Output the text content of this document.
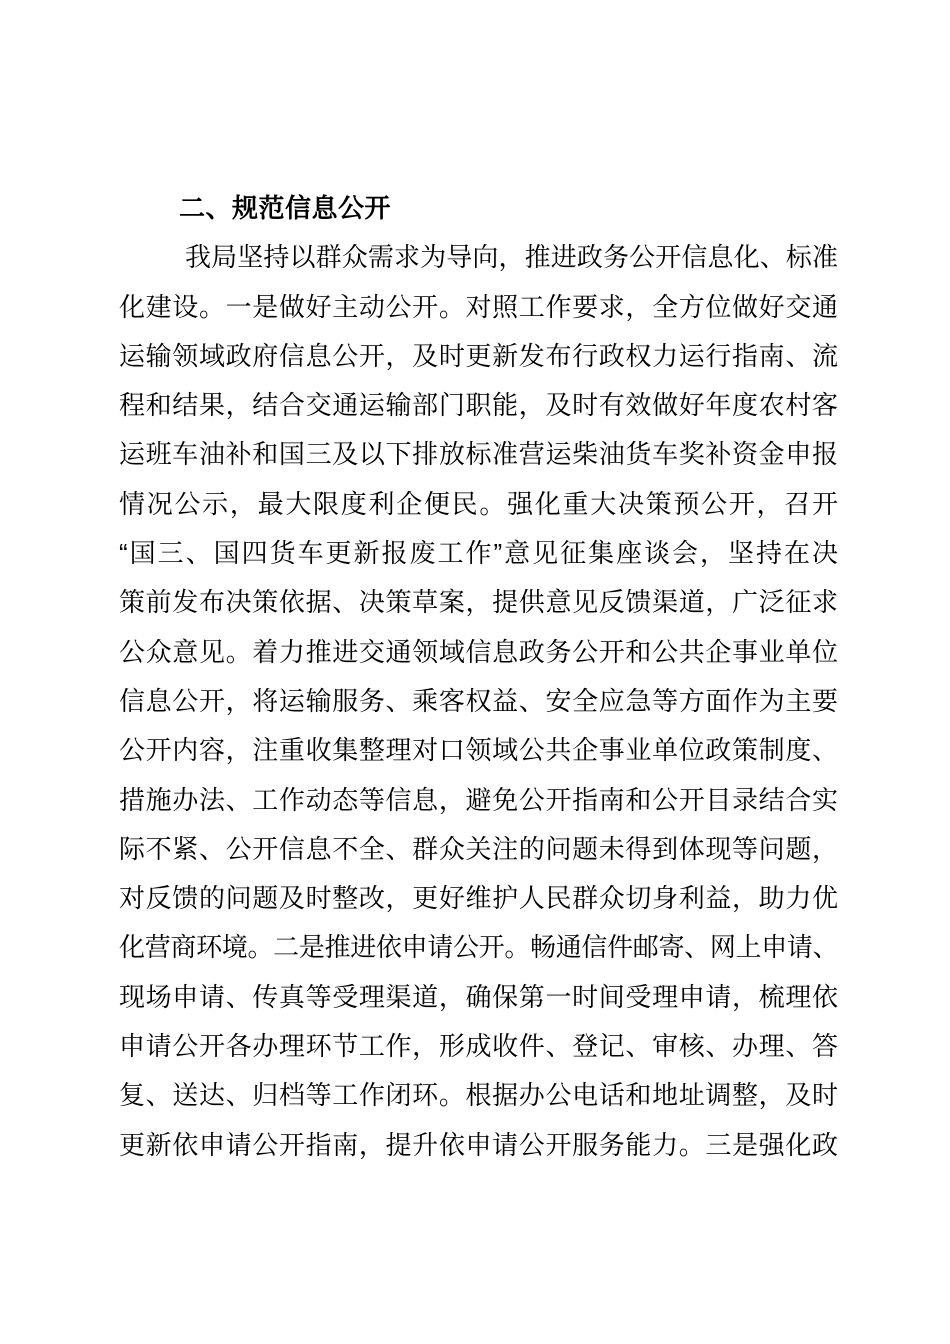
二、规范信息公开
我局坚持以群众需求为导向，推进政务公开信息化、标准
化建设。一是做好主动公开。对照工作要求，全方位做好交通
运输领域政府信息公开，及时更新发布行政权力运行指南、流
程和结果，结合交通运输部门职能，及时有效做好年度农村客
运班车油补和国三及以下排放标准营运柴油货车奖补资金申报
情况公示，最大限度利企便民。强化重大决策预公开，召开
“国三、国四货车更新报废工作”意见征集座谈会，坚持在决
策前发布决策依据、决策草案，提供意见反馈渠道，广泛征求
公众意见。着力推进交通领域信息政务公开和公共企事业单位
信息公开，将运输服务、乘客权益、安全应急等方面作为主要
公开内容，注重收集整理对口领域公共企事业单位政策制度、
措施办法、工作动态等信息，避免公开指南和公开目录结合实
际不紧、公开信息不全、群众关注的问题未得到体现等问题，
对反馈的问题及时整改，更好维护人民群众切身利益，助力优
化营商环境。二是推进依申请公开。畅通信件邮寄、网上申请、
现场申请、传真等受理渠道，确保第一时间受理申请，梳理依
申请公开各办理环节工作，形成收件、登记、审核、办理、答
复、送达、归档等工作闭环。根据办公电话和地址调整，及时
更新依申请公开指南，提升依申请公开服务能力。三是强化政
